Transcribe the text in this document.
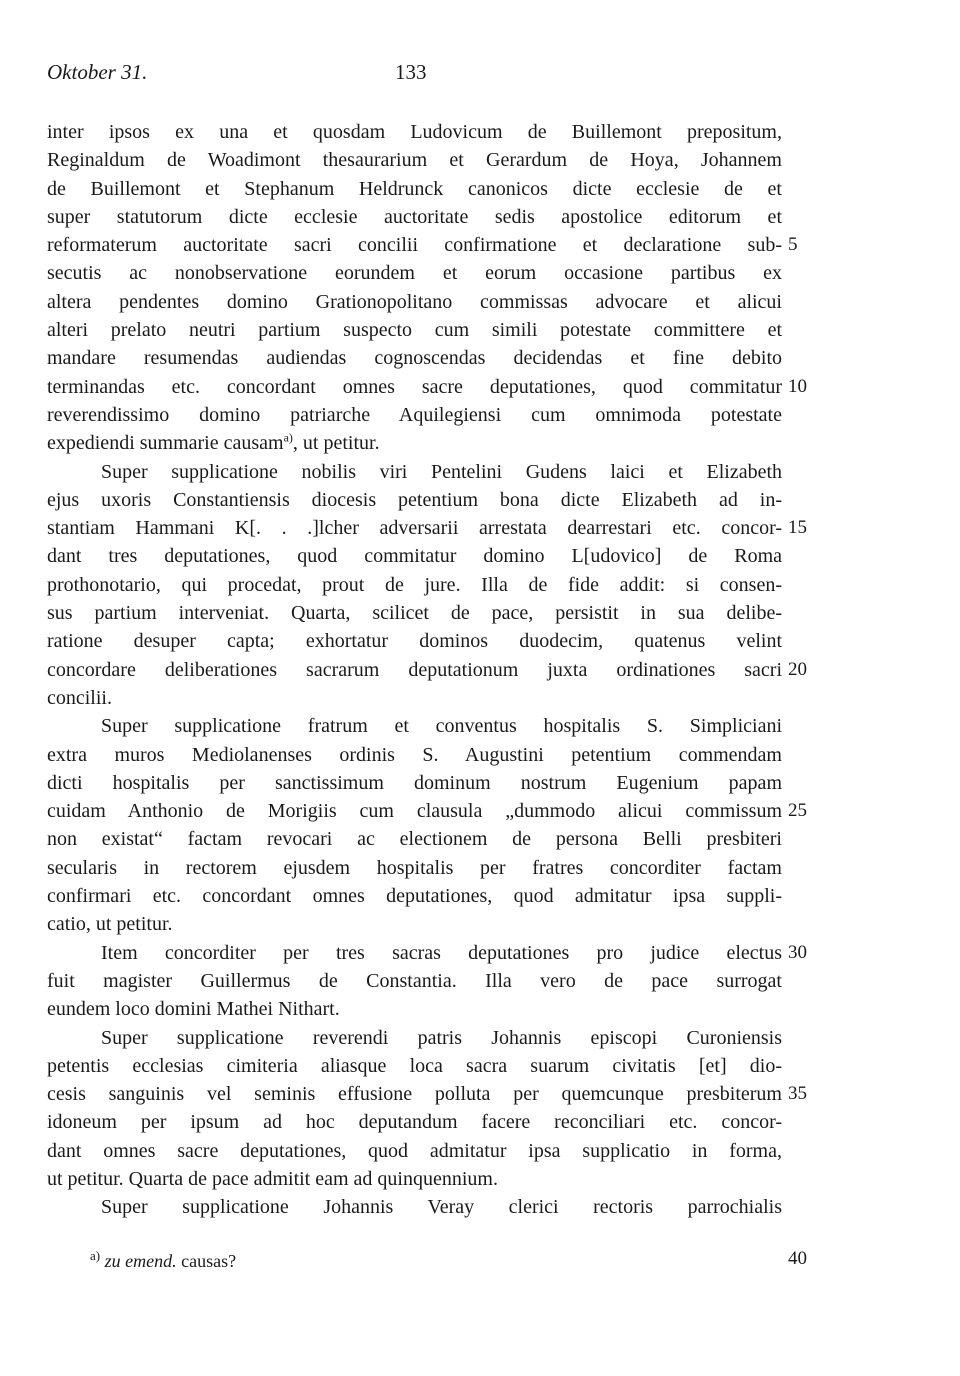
Oktober 31.	133
inter ipsos ex una et quosdam Ludovicum de Buillemont prepositum,
Reginaldum de Woadimont thesaurarium et Gerardum de Hoya, Johannem
de Buillemont et Stephanum Heldrunck canonicos dicte ecclesie de et
super statutorum dicte ecclesie auctoritate sedis apostolice editorum et
reformaterum auctoritate sacri concilii confirmatione et declaratione sub-
secutis ac nonobservatione eorundem et eorum occasione partibus ex
altera pendentes domino Grationopolitano commissas advocare et alicui
alteri prelato neutri partium suspecto cum simili potestate committere et
mandare resumendas audiendas cognoscendas decidendas et fine debito
terminandas etc. concordant omnes sacre deputationes, quod commitatur
reverendissimo domino patriarche Aquilegiensi cum omnimoda potestate
expediendi summarie causam$^{a)}$, ut petitur.
Super supplicatione nobilis viri Pentelini Gudens laici et Elizabeth
ejus uxoris Constantiensis diocesis petentium bona dicte Elizabeth ad in-
stantiam Hammani K[. . .]lcher adversarii arrestata dearrestari etc. concor-
dant tres deputationes, quod commitatur domino L[udovico] de Roma
prothonotario, qui procedat, prout de jure. Illa de fide addit: si consen-
sus partium interveniat. Quarta, scilicet de pace, persistit in sua delibe-
ratione desuper capta; exhortatur dominos duodecim, quatenus velint
concordare deliberationes sacrarum deputationum juxta ordinationes sacri
concilii.
Super supplicatione fratrum et conventus hospitalis S. Simpliciani
extra muros Mediolanenses ordinis S. Augustini petentium commendam
dicti hospitalis per sanctissimum dominum nostrum Eugenium papam
cuidam Anthonio de Morigiis cum clausula „dummodo alicui commissum
non existat“ factam revocari ac electionem de persona Belli presbiteri
secularis in rectorem ejusdem hospitalis per fratres concorditer factam
confirmari etc. concordant omnes deputationes, quod admitatur ipsa suppli-
catio, ut petitur.
Item concorditer per tres sacras deputationes pro judice electus
fuit magister Guillermus de Constantia. Illa vero de pace surrogat
eundem loco domini Mathei Nithart.
Super supplicatione reverendi patris Johannis episcopi Curoniensis
petentis ecclesias cimiteria aliasque loca sacra suarum civitatis [et] dio-
cesis sanguinis vel seminis effusione polluta per quemcunque presbiterum
idoneum per ipsum ad hoc deputandum facere reconciliari etc. concor-
dant omnes sacre deputationes, quod admitatur ipsa supplicatio in forma,
ut petitur. Quarta de pace admitit eam ad quinquennium.
Super supplicatione Johannis Veray clerici rectoris parrochialis
5
10
15
20
25
30
35
$^{a)}$ zu emend. causas?	40
